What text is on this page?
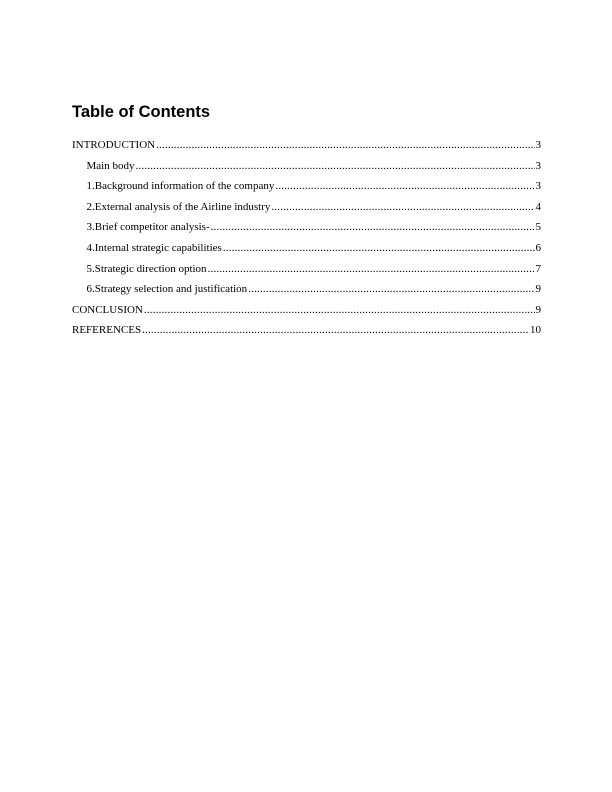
Table of Contents
INTRODUCTION .....	3
Main body .....	3
1.Background information of the company .....	3
2.External analysis of the Airline industry .....	4
3.Brief competitor analysis- .....	5
4.Internal strategic capabilities .....	6
5.Strategic direction option .....	7
6.Strategy selection and justification .....	9
CONCLUSION .....	9
REFERENCES .....	10
